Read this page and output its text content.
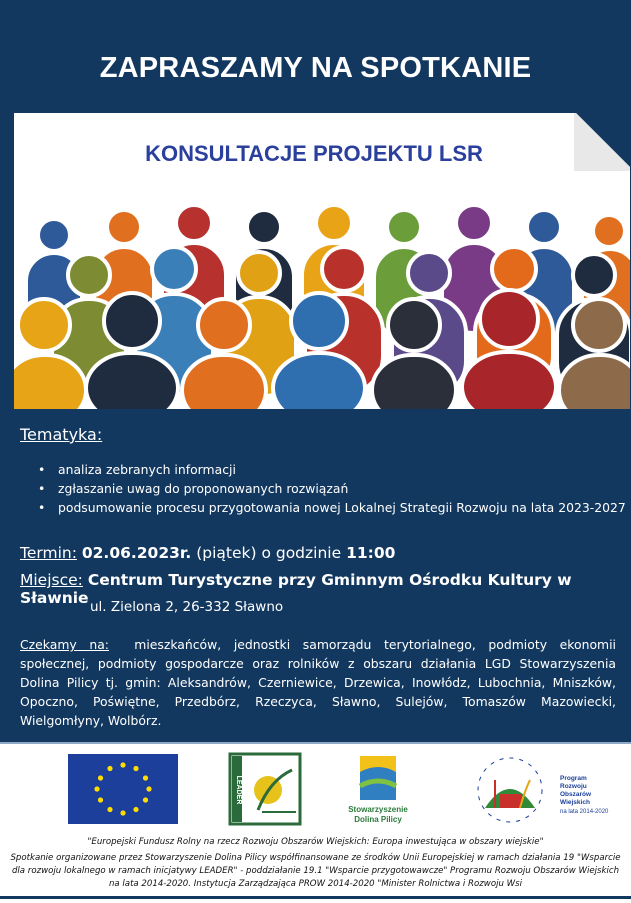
ZAPRASZAMY NA SPOTKANIE
KONSULTACJE PROJEKTU LSR
Tematyka:
• analiza zebranych informacji
• zgłaszanie uwag do proponowanych rozwiązań
• podsumowanie procesu przygotowania nowej Lokalnej Strategii Rozwoju na lata 2023-2027
Termin: 02.06.2023r. (piątek) o godzinie 11:00
Miejsce: Centrum Turystyczne przy Gminnym Ośrodku Kultury w Sławnie ul. Zielona 2, 26-332 Sławno
Czekamy na: mieszkańców, jednostki samorządu terytorialnego, podmioty ekonomii społecznej, podmioty gospodarcze oraz rolników z obszaru działania LGD Stowarzyszenia Dolina Pilicy tj. gmin: Aleksandrów, Czerniewice, Drzewica, Inowłódz, Lubochnia, Mniszków, Opoczno, Poświętne, Przedbórz, Rzeczyca, Sławno, Sulejów, Tomaszów Mazowiecki, Wielgomłyny, Wolbórz.
LEADER
Stowarzyszenie
Dolina Pilicy
Program
Rozwoju
Obszarów
Wiejskich
na lata 2014-2020
"Europejski Fundusz Rolny na rzecz Rozwoju Obszarów Wiejskich: Europa inwestująca w obszary wiejskie"
Spotkanie organizowane przez Stowarzyszenie Dolina Pilicy współfinansowane ze środków Unii Europejskiej w ramach działania 19 "Wsparcie dla rozwoju lokalnego w ramach inicjatywy LEADER" - poddziałanie 19.1 "Wsparcie przygotowawcze" Programu Rozwoju Obszarów Wiejskich na lata 2014-2020. Instytucja Zarządzająca PROW 2014-2020 "Minister Rolnictwa i Rozwoju Wsi
